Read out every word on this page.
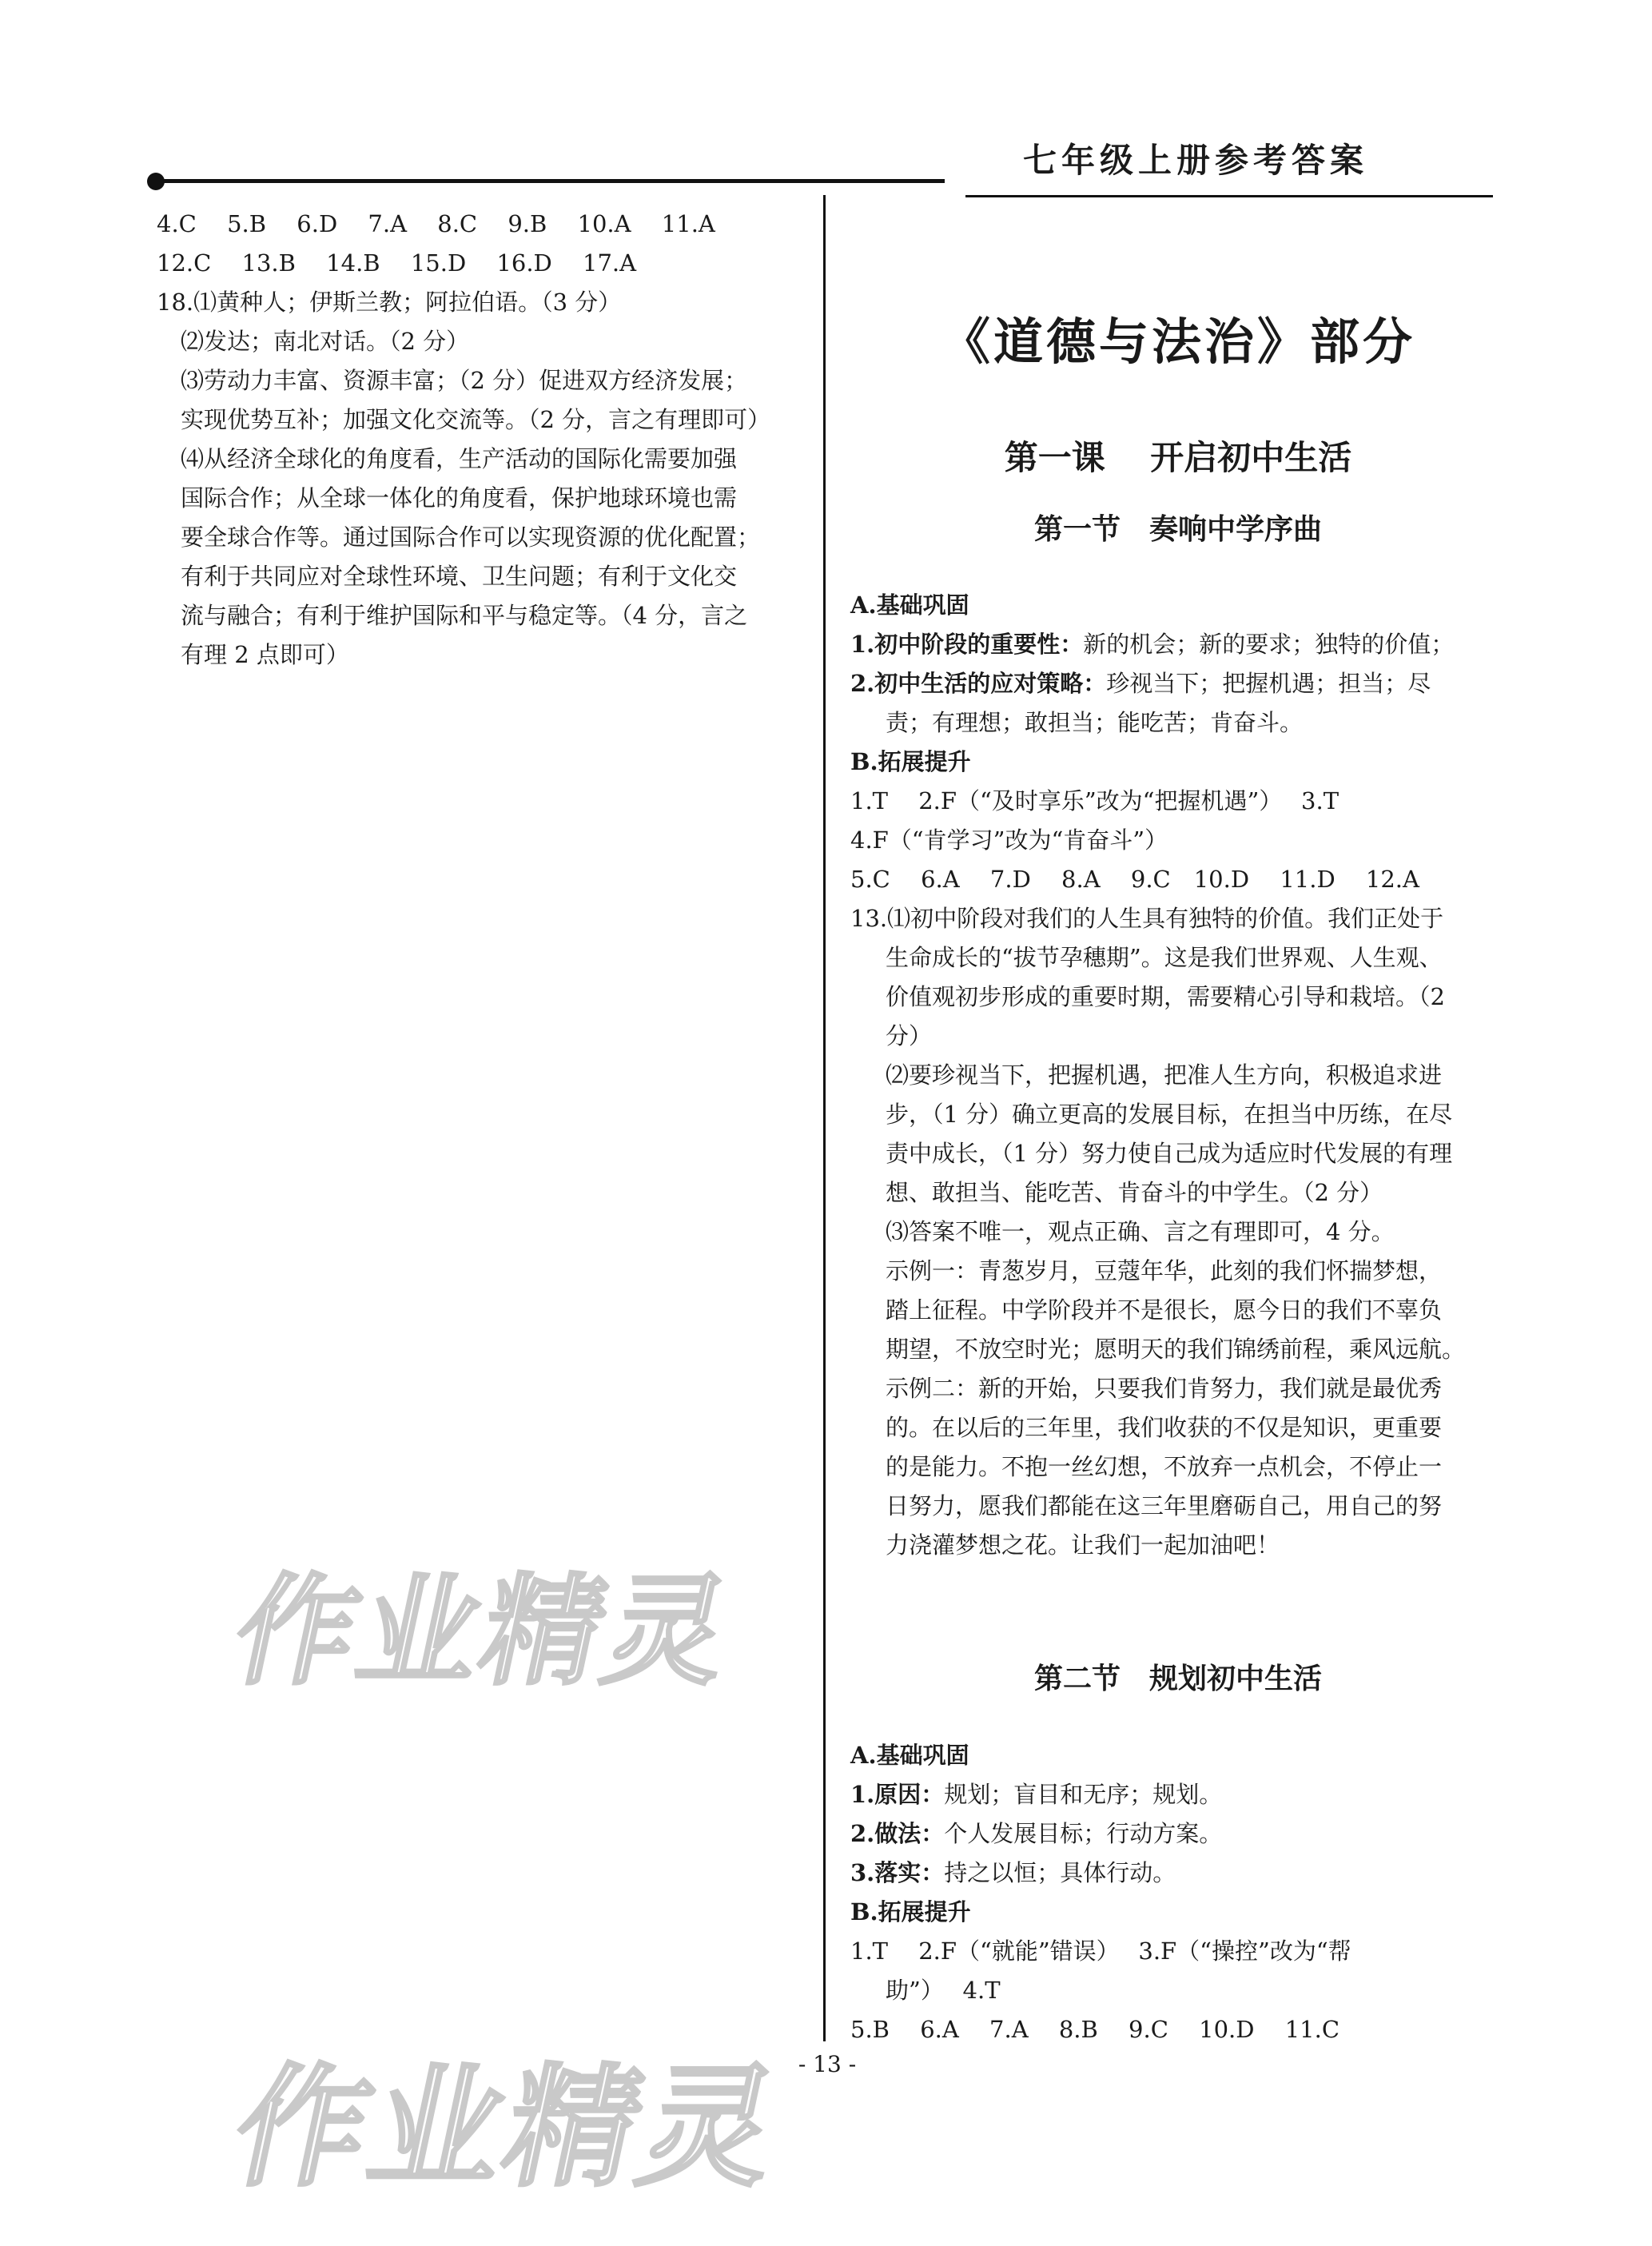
七年级上册参考答案
4.C　 5.B　 6.D　 7.A　 8.C　 9.B　 10.A　 11.A
12.C　 13.B　 14.B　 15.D　 16.D　 17.A
18.⑴黄种人；伊斯兰教；阿拉伯语。（3 分）
⑵发达；南北对话。（2 分）
⑶劳动力丰富、资源丰富；（2 分）促进双方经济发展；
实现优势互补；加强文化交流等。（2 分，言之有理即可）
⑷从经济全球化的角度看，生产活动的国际化需要加强
国际合作；从全球一体化的角度看，保护地球环境也需
要全球合作等。通过国际合作可以实现资源的优化配置；
有利于共同应对全球性环境、卫生问题；有利于文化交
流与融合；有利于维护国际和平与稳定等。（4 分，言之
有理 2 点即可）
《道德与法治》部分
第一课　 开启初中生活
第一节　奏响中学序曲
A.基础巩固
1.初中阶段的重要性：新的机会；新的要求；独特的价值；
2.初中生活的应对策略：珍视当下；把握机遇；担当；尽
责；有理想；敢担当；能吃苦；肯奋斗。
B.拓展提升
1.T　 2.F（“及时享乐”改为“把握机遇”）　 3.T
4.F（“肯学习”改为“肯奋斗”）
5.C　 6.A　 7.D　 8.A　 9.C　10.D　 11.D　 12.A
13.⑴初中阶段对我们的人生具有独特的价值。我们正处于
生命成长的“拔节孕穗期”。这是我们世界观、人生观、
价值观初步形成的重要时期，需要精心引导和栽培。（2
分）
⑵要珍视当下，把握机遇，把准人生方向，积极追求进
步，（1 分）确立更高的发展目标，在担当中历练，在尽
责中成长，（1 分）努力使自己成为适应时代发展的有理
想、敢担当、能吃苦、肯奋斗的中学生。（2 分）
⑶答案不唯一，观点正确、言之有理即可，4 分。
示例一：青葱岁月，豆蔻年华，此刻的我们怀揣梦想，
踏上征程。中学阶段并不是很长，愿今日的我们不辜负
期望，不放空时光；愿明天的我们锦绣前程，乘风远航。
示例二：新的开始，只要我们肯努力，我们就是最优秀
的。在以后的三年里，我们收获的不仅是知识，更重要
的是能力。不抱一丝幻想，不放弃一点机会，不停止一
日努力，愿我们都能在这三年里磨砺自己，用自己的努
力浇灌梦想之花。让我们一起加油吧！
第二节　规划初中生活
A.基础巩固
1.原因：规划；盲目和无序；规划。
2.做法：个人发展目标；行动方案。
3.落实：持之以恒；具体行动。
B.拓展提升
1.T　 2.F（“就能”错误）　 3.F（“操控”改为“帮
助”）　 4.T
5.B　 6.A　 7.A　 8.B　 9.C　 10.D　 11.C
- 13 -
作业精灵
作业精灵
